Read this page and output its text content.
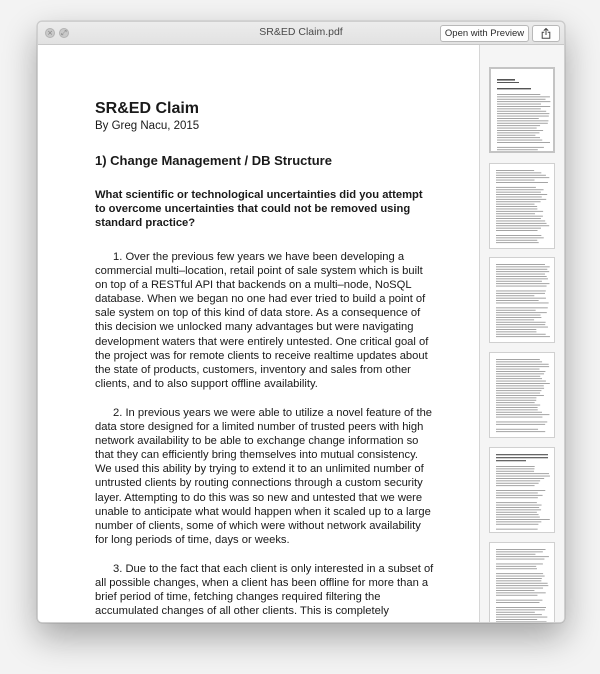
×	⤢	SR&ED Claim.pdf	Open with Preview
SR&ED Claim
By Greg Nacu, 2015
1) Change Management / DB Structure
What scientific or technological uncertainties did you attempt to overcome uncertainties that could not be removed using standard practice?

1. Over the previous few years we have been developing a commercial multi–location, retail point of sale system which is built on top of a RESTful API that backends on a multi–node, NoSQL database. When we began no one had ever tried to build a point of sale system on top of this kind of data store. As a consequence of this decision we unlocked many advantages but were navigating development waters that were entirely untested. One critical goal of the project was for remote clients to receive realtime updates about the state of products, customers, inventory and sales from other clients, and to also support offline availability.

2. In previous years we were able to utilize a novel feature of the data store designed for a limited number of trusted peers with high network availability to be able to exchange change information so that they can efficiently bring themselves into mutual consistency. We used this ability by trying to extend it to an unlimited number of untrusted clients by routing connections through a custom security layer. Attempting to do this was so new and untested that we were unable to anticipate what would happen when it scaled up to a large number of clients, some of which were without network availability for long periods of time, days or weeks.

3. Due to the fact that each client is only interested in a subset of all possible changes, when a client has been offline for more than a brief period of time, fetching changes required filtering the accumulated changes of all other clients. This is completely
